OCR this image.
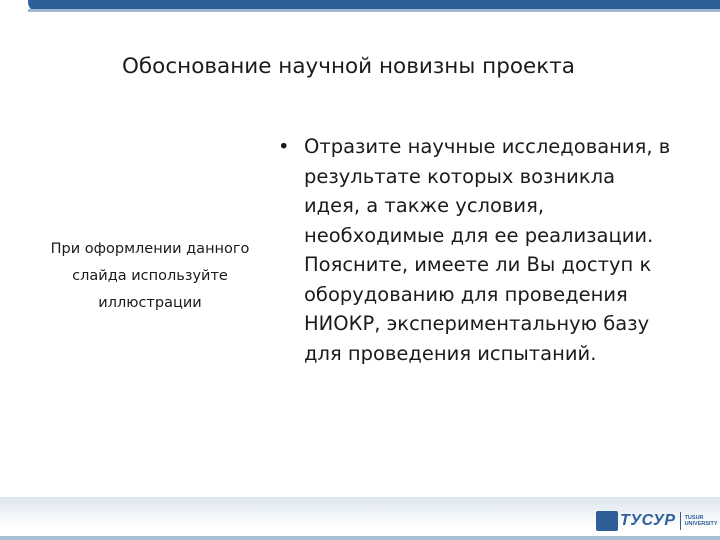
Обоснование научной новизны проекта
При оформлении данного
слайда используйте
иллюстрации
• Отразите научные исследования, в
результате которых возникла
идея, а также условия,
необходимые для ее реализации.
Поясните, имеете ли Вы доступ к
оборудованию для проведения
НИОКР, экспериментальную базу
для проведения испытаний.
ТУСУР TUSUR
UNIVERSITY
